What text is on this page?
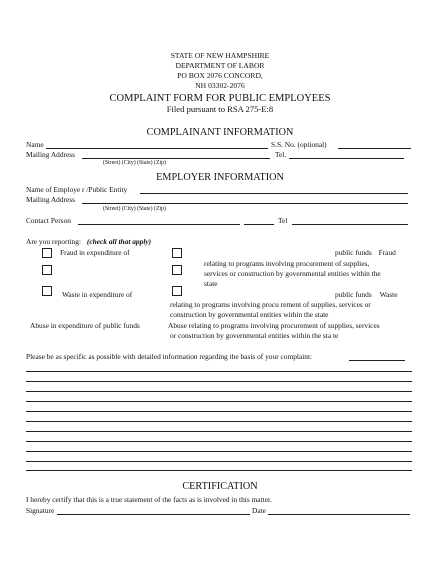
STATE OF NEW HAMPSHIRE
DEPARTMENT OF LABOR
PO BOX 2076 CONCORD,
NH 03302-2076
COMPLAINT FORM FOR PUBLIC EMPLOYEES
Filed pursuant to RSA 275-E:8
COMPLAINANT INFORMATION
Name	S.S. No. (optional)
Mailing Address	Tel.
(Street) (City) (State) (Zip)
EMPLOYER INFORMATION
Name of Employe r /Public Entity
Mailing Address
(Street) (City) (State) (Zip)
Contact Person	Tel
Are you reporting: (check all that apply)
Fraud in expenditure of	public funds Fraud
relating to programs involving procurement of supplies,
services or construction by governmental entities within the
state
Waste in expenditure of	public funds Waste
relating to programs involving procu rement of supplies, services or
construction by governmental entities within the state
Abuse in expenditure of public funds	Abuse relating to programs involving procurement of supplies, services
or construction by governmental entities within the sta te
Please be as specific as possible with detailed information regarding the basis of your complaint:
CERTIFICATION
I hereby certify that this is a true statement of the facts as is involved in this matter.
Signature	Date
